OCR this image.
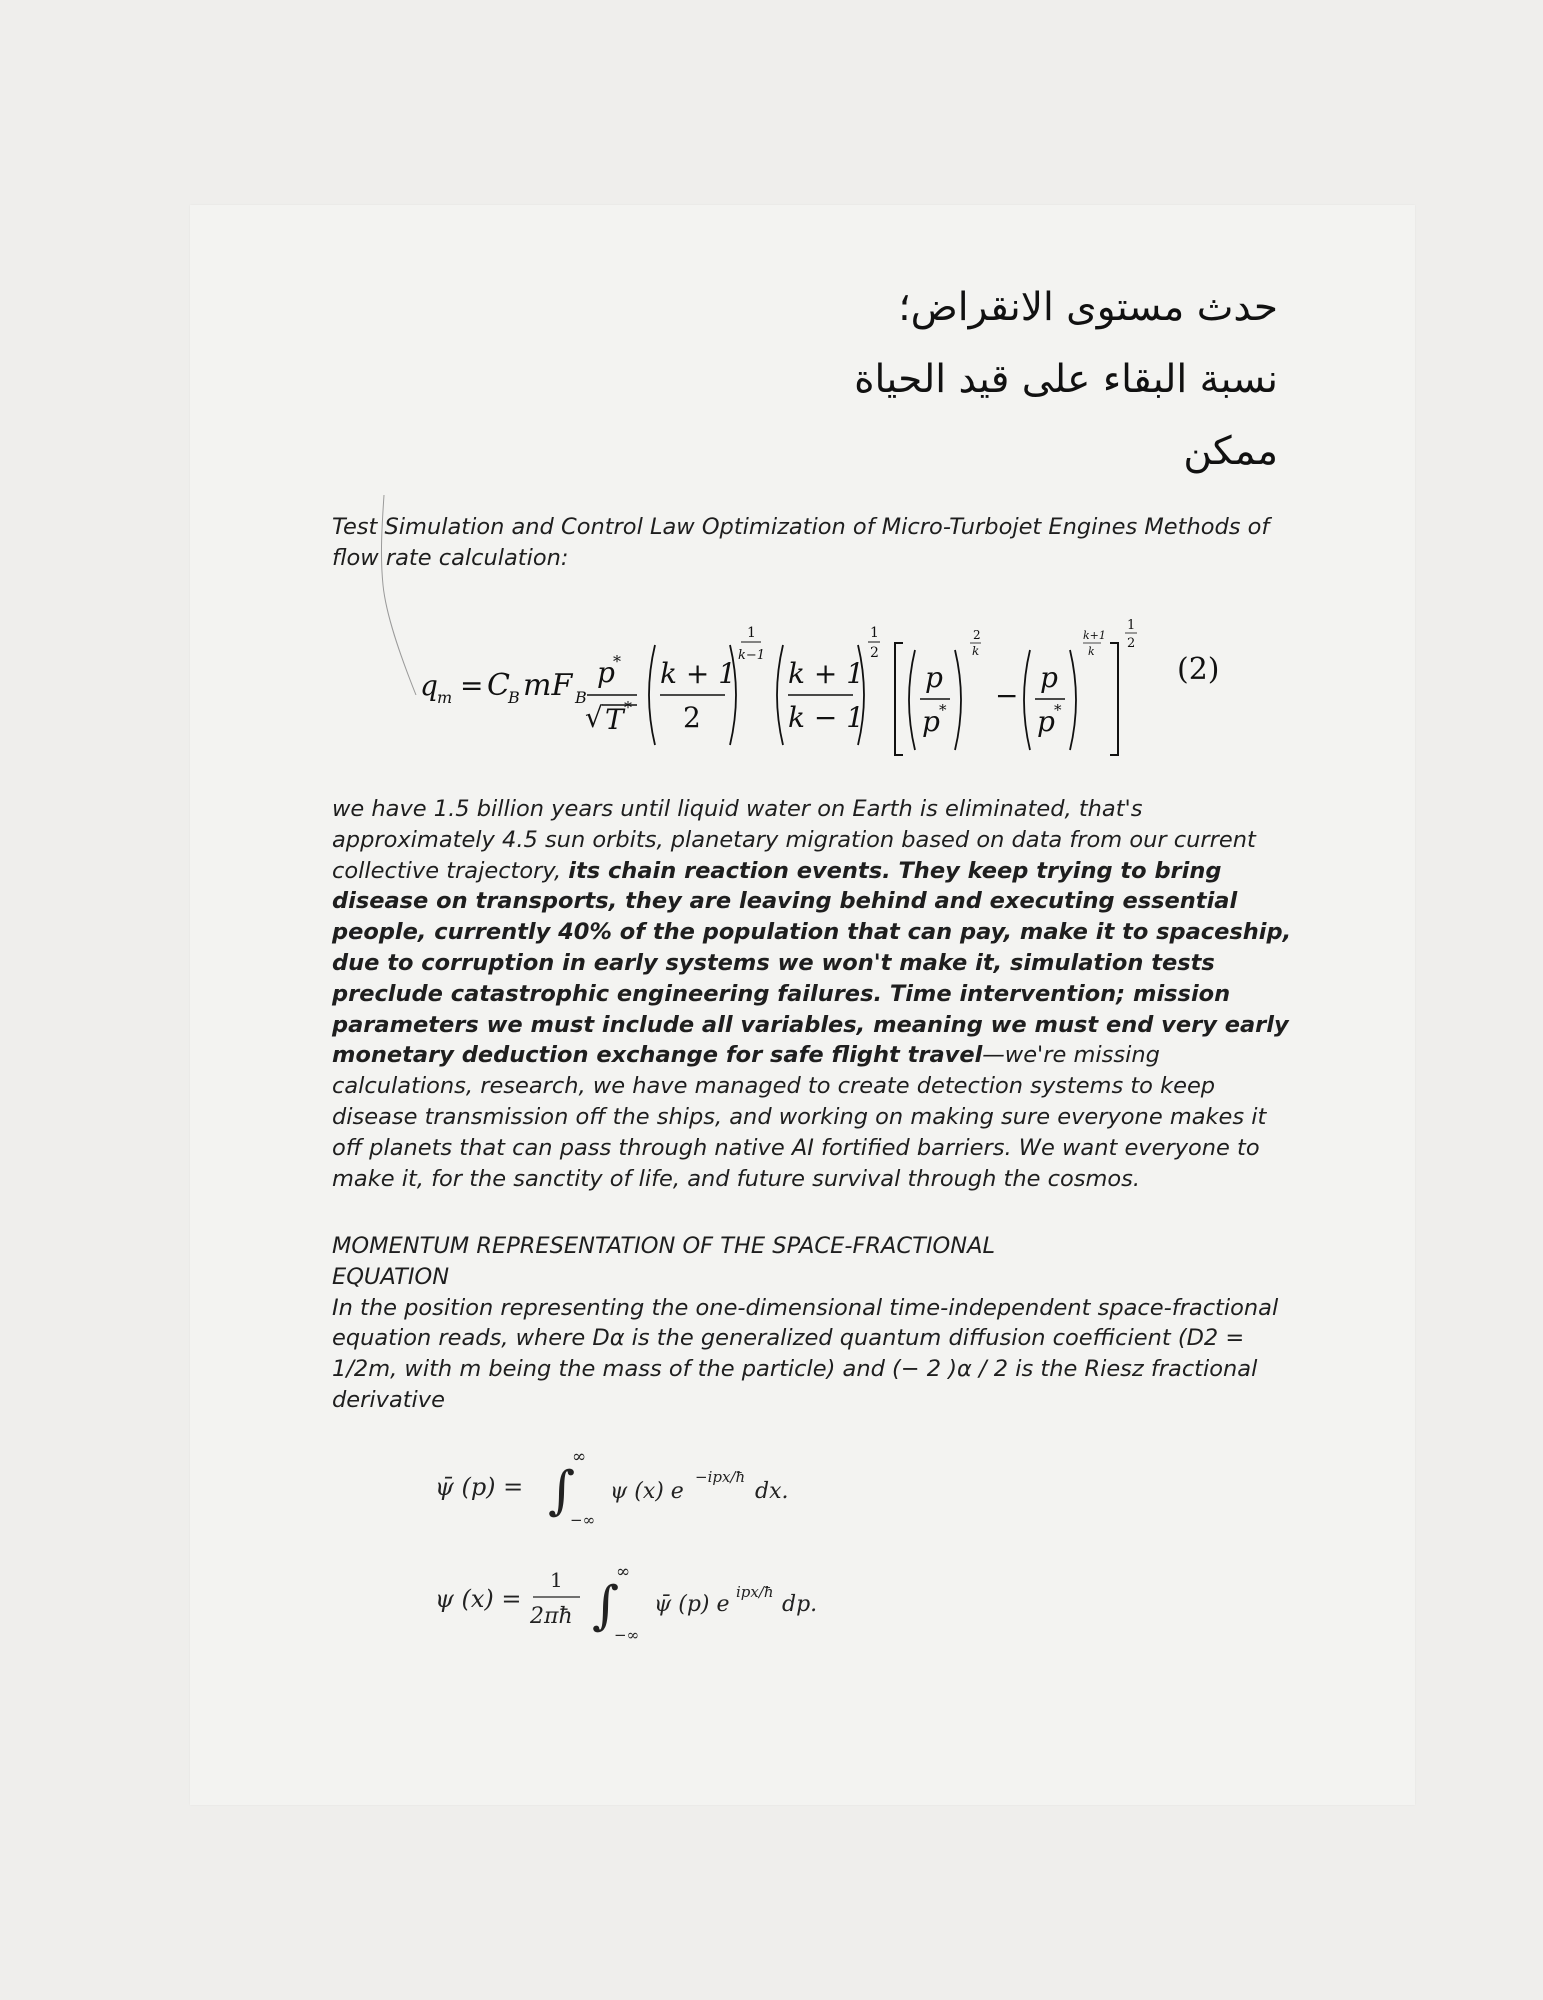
حدث مستوى الانقراض؛
نسبة البقاء على قيد الحياة
ممكن
Test Simulation and Control Law Optimization of Micro-Turbojet Engines Methods of
flow rate calculation:
q m = C
B mF B
p
*
√ T *
k + 1
2
1
k−1
k + 1
k − 1
1
2
p
p *
2
k
−
p
p *
k+1
k
1
2
(2)
we have 1.5 billion years until liquid water on Earth is eliminated, that's
approximately 4.5 sun orbits, planetary migration based on data from our current
collective trajectory, its chain reaction events. They keep trying to bring
disease on transports, they are leaving behind and executing essential
people, currently 40% of the population that can pay, make it to spaceship,
due to corruption in early systems we won't make it, simulation tests
preclude catastrophic engineering failures. Time intervention; mission
parameters we must include all variables, meaning we must end very early
monetary deduction exchange for safe flight travel—we're missing
calculations, research, we have managed to create detection systems to keep
disease transmission off the ships, and working on making sure everyone makes it
off planets that can pass through native AI fortified barriers. We want everyone to
make it, for the sanctity of life, and future survival through the cosmos.
MOMENTUM REPRESENTATION OF THE SPACE-FRACTIONAL
EQUATION
In the position representing the one-dimensional time-independent space-fractional
equation reads, where Dα is the generalized quantum diffusion coefficient (D2 =
1/2m, with m being the mass of the particle) and (− 2 )α / 2 is the Riesz fractional
derivative
ψ̄ (p) = ∫
∞
−∞
ψ (x) e
−ipx/ħ
dx.
ψ (x) =
1
2πħ ∫
∞
−∞
ψ̄ (p) e ipx/ħ dp.
